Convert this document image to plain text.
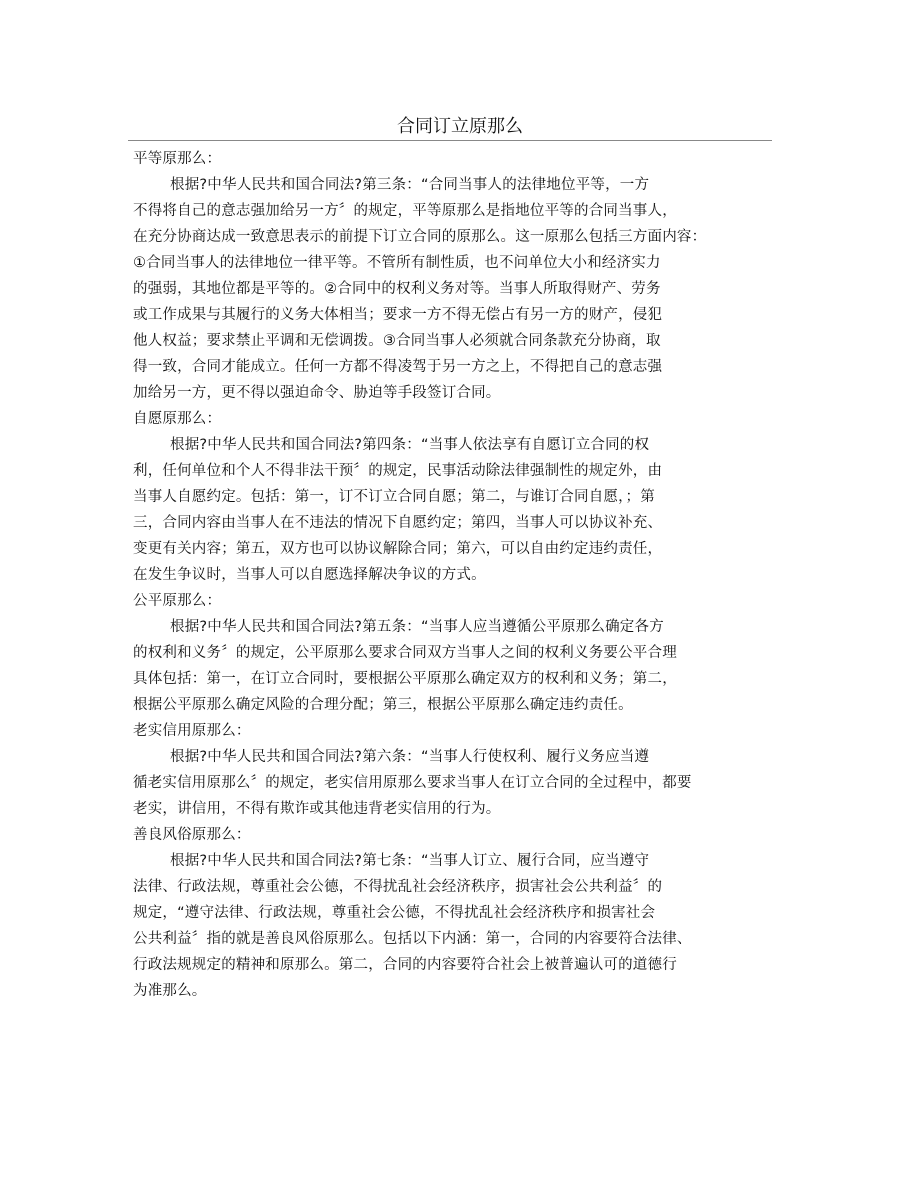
合同订立原那么
平等原那么：
根据?中华人民共和国合同法?第三条：“合同当事人的法律地位平等，一方
不得将自己的意志强加给另一方〞的规定，平等原那么是指地位平等的合同当事人，
在充分协商达成一致意思表示的前提下订立合同的原那么。这一原那么包括三方面内容：
①合同当事人的法律地位一律平等。不管所有制性质，也不问单位大小和经济实力
的强弱，其地位都是平等的。②合同中的权利义务对等。当事人所取得财产、劳务
或工作成果与其履行的义务大体相当；要求一方不得无偿占有另一方的财产，侵犯
他人权益；要求禁止平调和无偿调拨。③合同当事人必须就合同条款充分协商，取
得一致，合同才能成立。任何一方都不得凌驾于另一方之上，不得把自己的意志强
加给另一方，更不得以强迫命令、胁迫等手段签订合同。
自愿原那么：
根据?中华人民共和国合同法?第四条：“当事人依法享有自愿订立合同的权
利，任何单位和个人不得非法干预〞的规定，民事活动除法律强制性的规定外，由
当事人自愿约定。包括：第一，订不订立合同自愿；第二，与谁订合同自愿，；第
三，合同内容由当事人在不违法的情况下自愿约定；第四，当事人可以协议补充、
变更有关内容；第五，双方也可以协议解除合同；第六，可以自由约定违约责任，
在发生争议时，当事人可以自愿选择解决争议的方式。
公平原那么：
根据?中华人民共和国合同法?第五条：“当事人应当遵循公平原那么确定各方
的权利和义务〞的规定，公平原那么要求合同双方当事人之间的权利义务要公平合理
具体包括：第一，在订立合同时，要根据公平原那么确定双方的权利和义务；第二，
根据公平原那么确定风险的合理分配；第三，根据公平原那么确定违约责任。
老实信用原那么：
根据?中华人民共和国合同法?第六条：“当事人行使权利、履行义务应当遵
循老实信用原那么〞的规定，老实信用原那么要求当事人在订立合同的全过程中，都要
老实，讲信用，不得有欺诈或其他违背老实信用的行为。
善良风俗原那么：
根据?中华人民共和国合同法?第七条：“当事人订立、履行合同，应当遵守
法律、行政法规，尊重社会公德，不得扰乱社会经济秩序，损害社会公共利益〞的
规定，“遵守法律、行政法规，尊重社会公德，不得扰乱社会经济秩序和损害社会
公共利益〞指的就是善良风俗原那么。包括以下内涵：第一，合同的内容要符合法律、
行政法规规定的精神和原那么。第二，合同的内容要符合社会上被普遍认可的道德行
为准那么。
